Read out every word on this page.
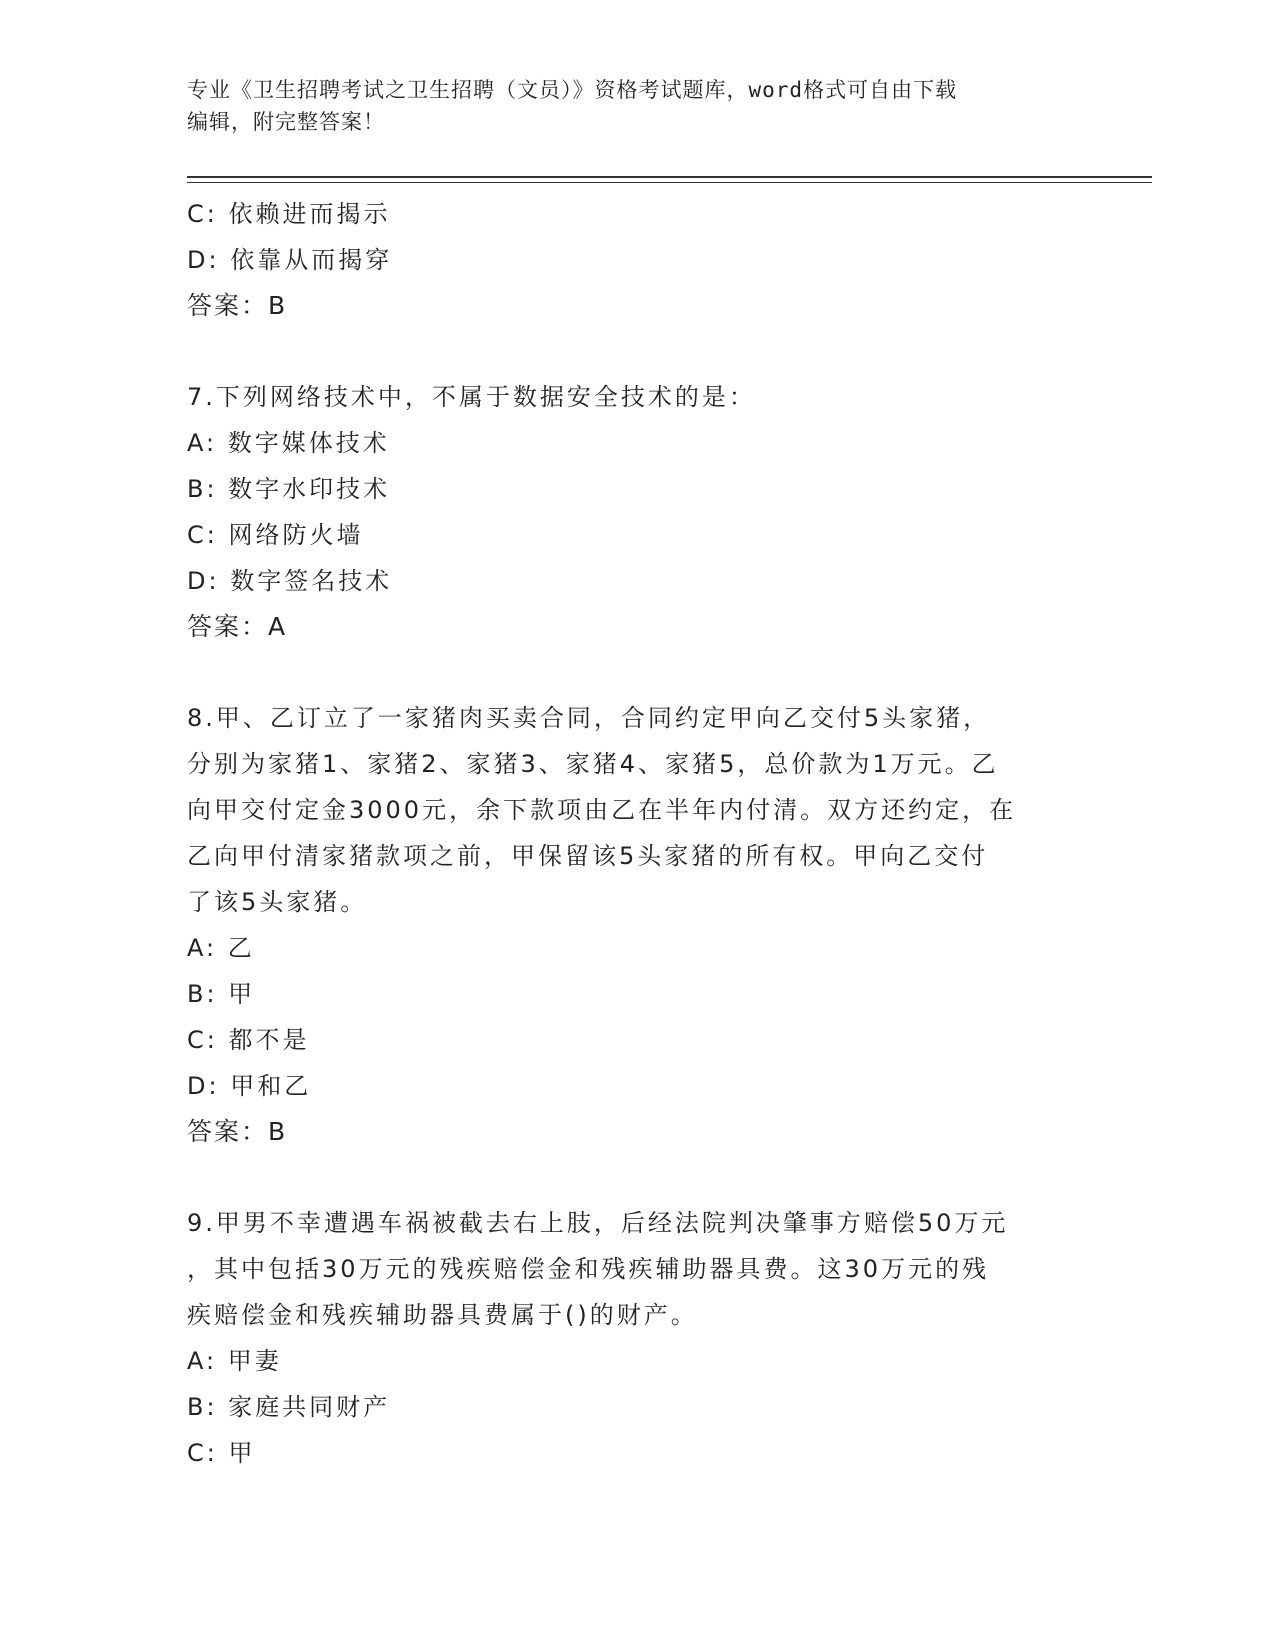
专业《卫生招聘考试之卫生招聘（文员）》资格考试题库，word格式可自由下载
编辑，附完整答案！
C: 依赖进而揭示
D: 依靠从而揭穿
答案：B
7.下列网络技术中，不属于数据安全技术的是：
A: 数字媒体技术
B: 数字水印技术
C: 网络防火墙
D: 数字签名技术
答案：A
8.甲、乙订立了一家猪肉买卖合同，合同约定甲向乙交付5头家猪，
分别为家猪1、家猪2、家猪3、家猪4、家猪5，总价款为1万元。乙
向甲交付定金3000元，余下款项由乙在半年内付清。双方还约定，在
乙向甲付清家猪款项之前，甲保留该5头家猪的所有权。甲向乙交付
了该5头家猪。
A: 乙
B: 甲
C: 都不是
D: 甲和乙
答案：B
9.甲男不幸遭遇车祸被截去右上肢，后经法院判决肇事方赔偿50万元
，其中包括30万元的残疾赔偿金和残疾辅助器具费。这30万元的残
疾赔偿金和残疾辅助器具费属于()的财产。
A: 甲妻
B: 家庭共同财产
C: 甲
